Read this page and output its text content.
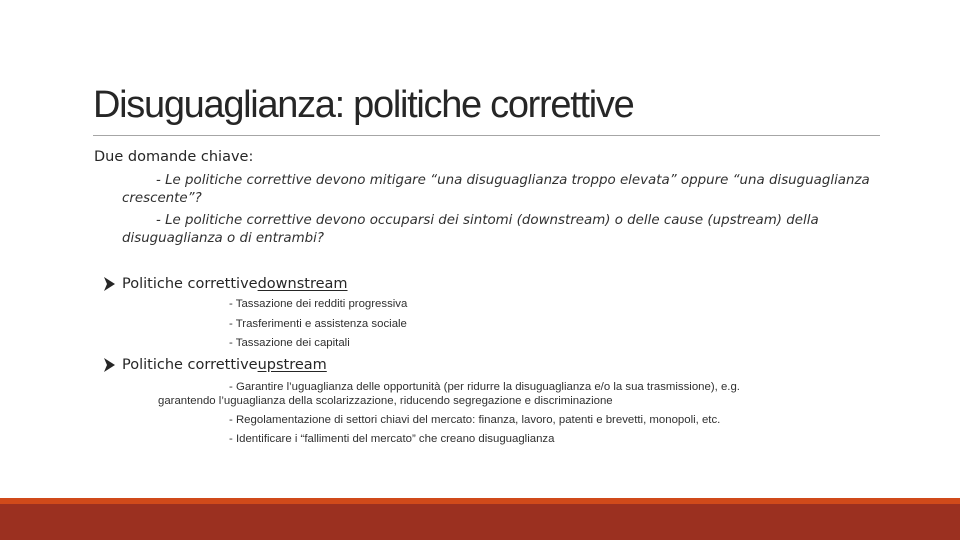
Disuguaglianza: politiche correttive
Due domande chiave:
- Le politiche correttive devono mitigare “una disuguaglianza troppo elevata” oppure “una disuguaglianza crescente”?
- Le politiche correttive devono occuparsi dei sintomi (downstream) o delle cause (upstream) della disuguaglianza o di entrambi?
Politiche correttive downstream
- Tassazione dei redditi progressiva
- Trasferimenti e assistenza sociale
- Tassazione dei capitali
Politiche correttive upstream
- Garantire l’uguaglianza delle opportunità (per ridurre la disuguaglianza e/o la sua trasmissione), e.g.
garantendo l’uguaglianza della scolarizzazione, riducendo segregazione e discriminazione
- Regolamentazione di settori chiavi del mercato: finanza, lavoro, patenti e brevetti, monopoli, etc.
- Identificare i “fallimenti del mercato” che creano disuguaglianza
